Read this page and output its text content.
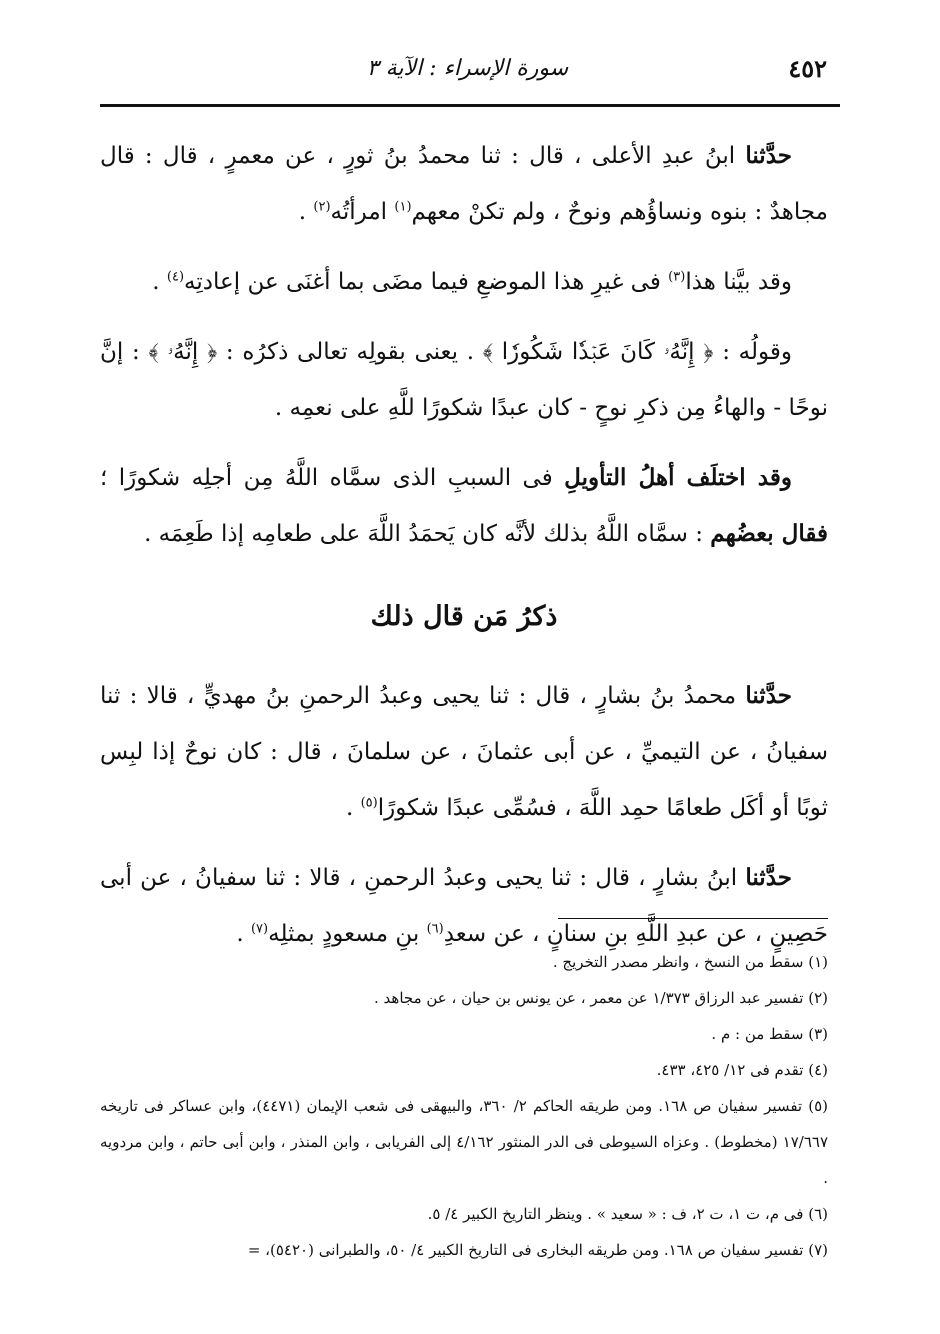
٤٥٢
سورة الإسراء : الآية ٣

حدَّثنا ابنُ عبدِ الأعلى ، قال : ثنا محمدُ بنُ ثورٍ ، عن معمرٍ ، قال : قال مجاهدٌ : بنوه ونساؤُهم ونوحٌ ، ولم تكنْ معهم$^{(١)}$ امرأتُه$^{(٢)}$ .

وقد بيَّنا هذا$^{(٣)}$ فى غيرِ هذا الموضعِ فيما مضَى بما أغنَى عن إعادتِه$^{(٤)}$ .

وقولُه : ﴿ إِنَّهُۥ كَانَ عَبۡدٗا شَكُورٗا ﴾ . يعنى بقولِه تعالى ذكرُه : ﴿ إِنَّهُۥ ﴾ : إنَّ نوحًا - والهاءُ مِن ذكرِ نوحٍ - كان عبدًا شكورًا للَّهِ على نعمِه .

وقد اختلَف أهلُ التأويلِ فى السببِ الذى سمَّاه اللَّهُ مِن أجلِه شكورًا ؛ فقال بعضُهم : سمَّاه اللَّهُ بذلك لأنَّه كان يَحمَدُ اللَّهَ على طعامِه إذا طَعِمَه .

ذكرُ مَن قال ذلك

حدَّثنا محمدُ بنُ بشارٍ ، قال : ثنا يحيى وعبدُ الرحمنِ بنُ مهديٍّ ، قالا : ثنا سفيانُ ، عن التيميِّ ، عن أبى عثمانَ ، عن سلمانَ ، قال : كان نوحٌ إذا لبِس ثوبًا أو أكَل طعامًا حمِد اللَّهَ ، فسُمِّى عبدًا شكورًا$^{(٥)}$ .

حدَّثنا ابنُ بشارٍ ، قال : ثنا يحيى وعبدُ الرحمنِ ، قالا : ثنا سفيانُ ، عن أبى حَصِينٍ ، عن عبدِ اللَّهِ بنِ سنانٍ ، عن سعدِ$^{(٦)}$ بنِ مسعودٍ بمثلِه$^{(٧)}$ .

(١) سقط من النسخ ، وانظر مصدر التخريج .

(٢) تفسير عبد الرزاق ١/٣٧٣ عن معمر ، عن يونس بن حيان ، عن مجاهد .

(٣) سقط من : م .

(٤) تقدم فى ١٢/ ٤٢٥، ٤٣٣.

(٥) تفسير سفيان ص ١٦٨. ومن طريقه الحاكم ٢/ ٣٦٠، والبيهقى فى شعب الإيمان (٤٤٧١)، وابن عساكر فى تاريخه ١٧/٦٦٧ (مخطوط) . وعزاه السيوطى فى الدر المنثور ٤/١٦٢ إلى الفريابى ، وابن المنذر ، وابن أبى حاتم ، وابن مردويه .

(٦) فى م، ت ١، ت ٢، ف : « سعيد » . وينظر التاريخ الكبير ٤/ ٥.

(٧) تفسير سفيان ص ١٦٨. ومن طريقه البخارى فى التاريخ الكبير ٤/ ٥٠، والطبرانى (٥٤٢٠)، =
